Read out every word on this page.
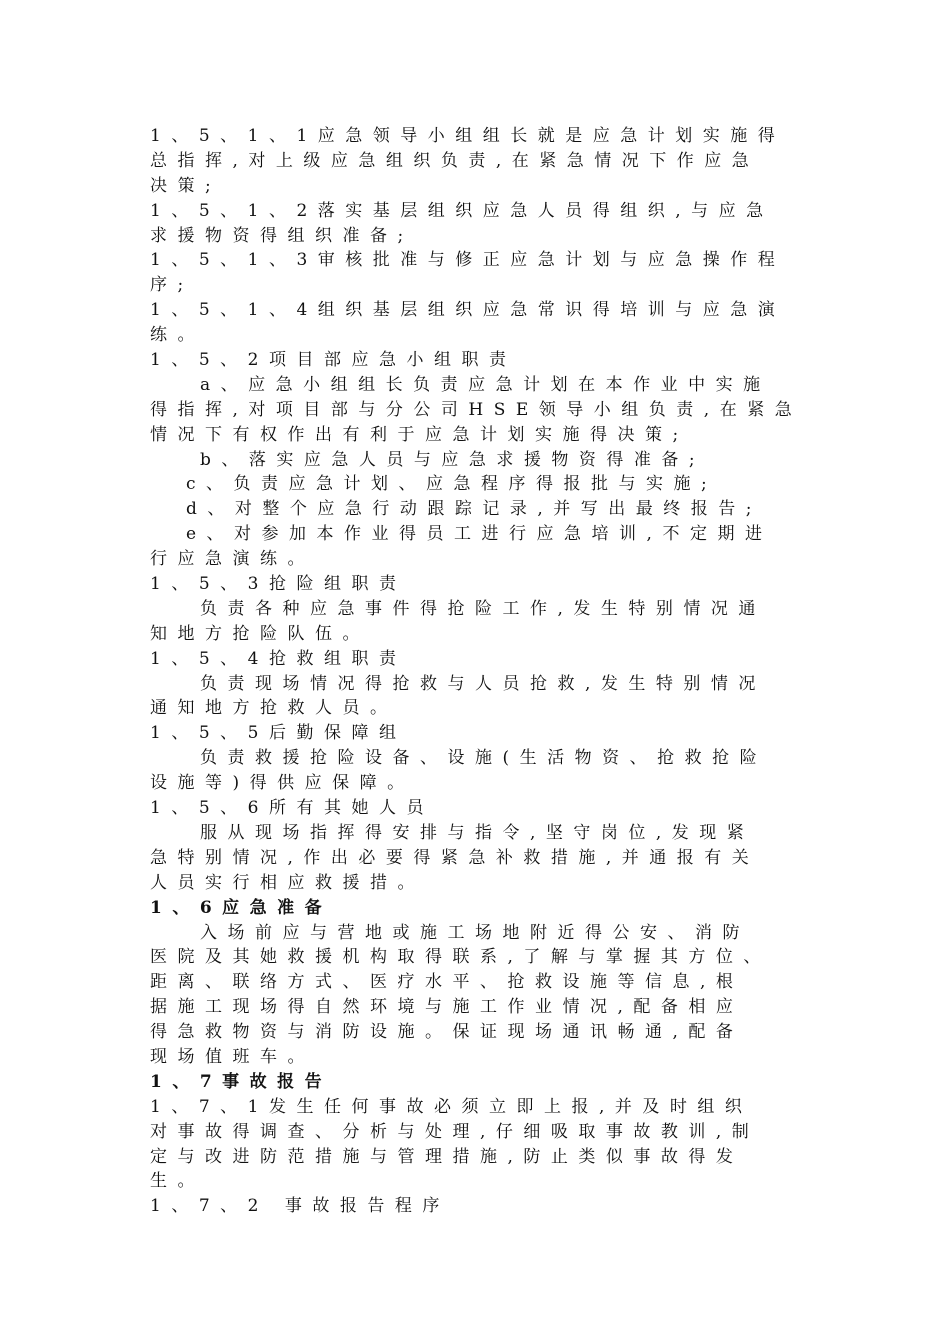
1、5、1、1应急领导小组组长就是应急计划实施得
总指挥,对上级应急组织负责,在紧急情况下作应急
决策;
1、5、1、2落实基层组织应急人员得组织,与应急
求援物资得组织准备;
1、5、1、3审核批准与修正应急计划与应急操作程
序;
1、5、1、4组织基层组织应急常识得培训与应急演
练。
1、5、2项目部应急小组职责
a、应急小组组长负责应急计划在本作业中实施
得指挥,对项目部与分公司HSE领导小组负责,在紧急
情况下有权作出有利于应急计划实施得决策;
b、落实应急人员与应急求援物资得准备;
c、负责应急计划、应急程序得报批与实施;
d、对整个应急行动跟踪记录,并写出最终报告;
e、对参加本作业得员工进行应急培训,不定期进
行应急演练。
1、5、3抢险组职责
负责各种应急事件得抢险工作,发生特别情况通
知地方抢险队伍。
1、5、4抢救组职责
负责现场情况得抢救与人员抢救,发生特别情况
通知地方抢救人员。
1、5、5后勤保障组
负责救援抢险设备、设施(生活物资、抢救抢险
设施等)得供应保障。
1、5、6所有其她人员
服从现场指挥得安排与指令,坚守岗位,发现紧
急特别情况,作出必要得紧急补救措施,并通报有关
人员实行相应救援措。
1、6应急准备
入场前应与营地或施工场地附近得公安、消防
医院及其她救援机构取得联系,了解与掌握其方位、
距离、联络方式、医疗水平、抢救设施等信息,根
据施工现场得自然环境与施工作业情况,配备相应
得急救物资与消防设施。保证现场通讯畅通,配备
现场值班车。
1、7事故报告
1、7、1发生任何事故必须立即上报,并及时组织
对事故得调查、分析与处理,仔细吸取事故教训,制
定与改进防范措施与管理措施,防止类似事故得发
生。
1、7、2 事故报告程序
